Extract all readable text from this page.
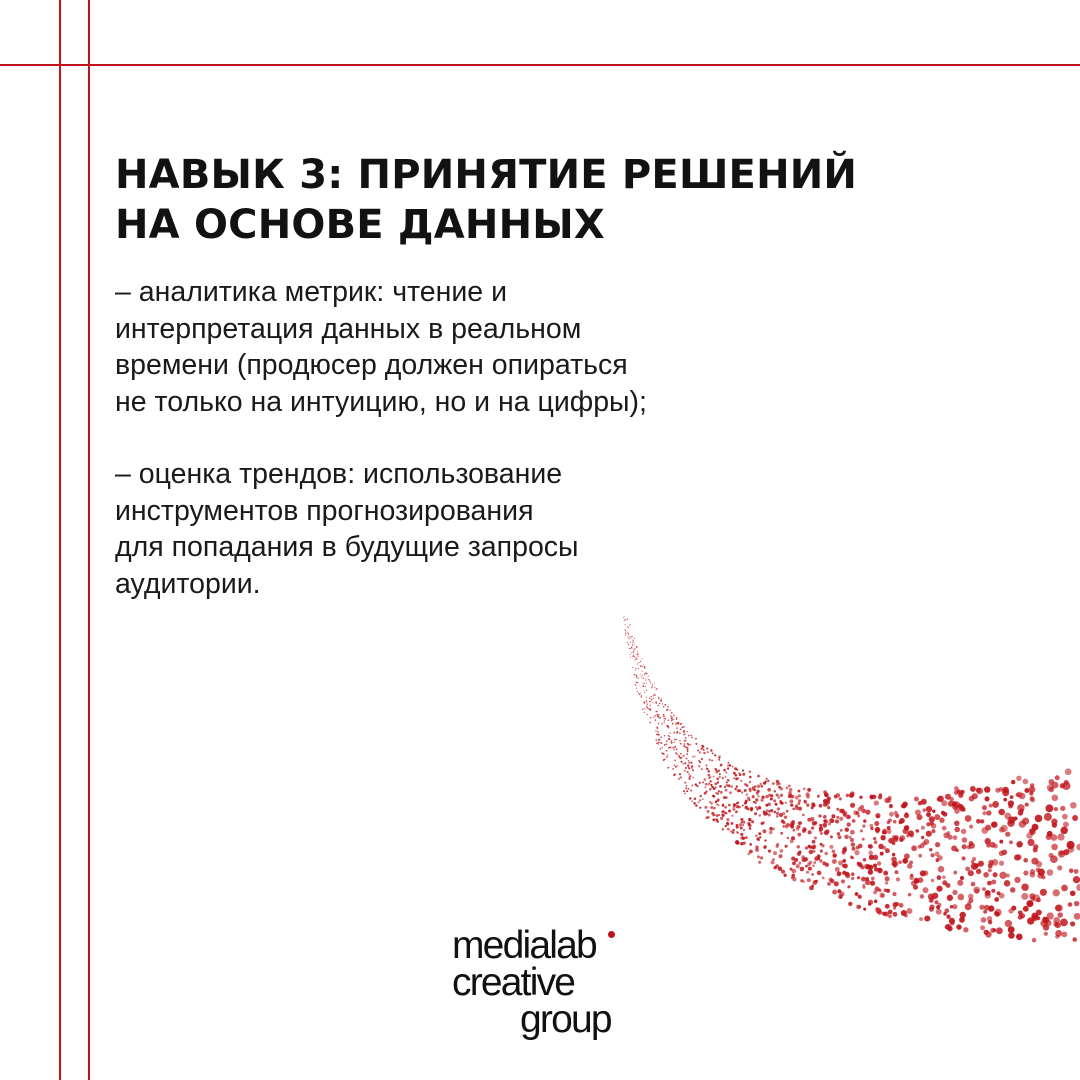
НАВЫК 3: ПРИНЯТИЕ РЕШЕНИЙ
НА ОСНОВЕ ДАННЫХ

– аналитика метрик: чтение и
интерпретация данных в реальном
времени (продюсер должен опираться
не только на интуицию, но и на цифры);

– оценка трендов: использование
инструментов прогнозирования
для попадания в будущие запросы
аудитории.

medialab
creative
group
